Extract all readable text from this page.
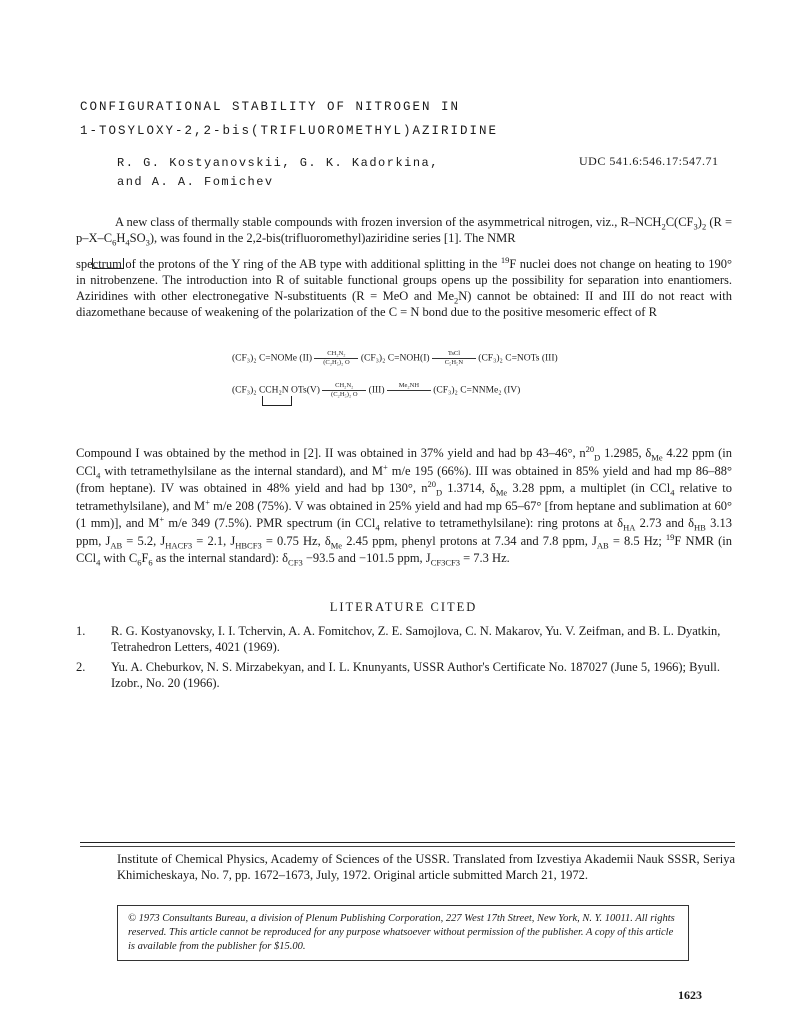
CONFIGURATIONAL STABILITY OF NITROGEN IN
1-TOSYLOXY-2,2-bis(TRIFLUOROMETHYL)AZIRIDINE
R. G. Kostyanovskii, G. K. Kadorkina,
and A. A. Fomichev
UDC 541.6:546.17:547.71

A new class of thermally stable compounds with frozen inversion of the asymmetrical nitrogen, viz., $R-NCH_2C(CF_3)_2$ $(R = p-X-C_6H_4SO_3)$, was found in the 2,2-bis(trifluoromethyl)aziridine series [1]. The NMR

spectrum of the protons of the Y ring of the AB type with additional splitting in the $^{19}$F nuclei does not change on heating to 190° in nitrobenzene. The introduction into R of suitable functional groups opens up the possibility for separation into enantiomers. Aziridines with other electronegative N-substituents (R = MeO and $Me_2N$) cannot be obtained: II and III do not react with diazomethane because of weakening of the polarization of the C = N bond due to the positive mesomeric effect of R

(CF₃)₂ C=NOMe $(II) \frac{\text{CH₂N₂}}{\text{(C₂H₅)₂ O}} (CF_3)_2$ C=NOH(I)
TsCl
C₅H₅N	(CF₃)₂ C=NOTs (III)
(CF₃)₂ CCH₂N $OTs(V) \frac{\text{CH₂N₂}}{\text{(C₂H₅)₂ O}} (III)$
Me₂NH

(CF₃)₂ C=NNMe₂ (IV)

Compound I was obtained by the method in [2]. II was obtained in 37% yield and had bp 43–46°, $n^{20}_D$ 1.2985, $\delta_{Me}$ 4.22 ppm (in CCl$_4$ with tetramethylsilane as the internal standard), and M+ m/e 195 (66%). III was obtained in 85% yield and had mp 86–88° (from heptane). IV was obtained in 48% yield and had bp 130°, $n^{20}_D$ 1.3714, $\delta_{Me}$ 3.28 ppm, a multiplet (in CCl$_4$ relative to tetramethylsilane), and M+ m/e 208 (75%). V was obtained in 25% yield and had mp 65–67° [from heptane and sublimation at 60° (1 mm)], and M+ m/e 349 (7.5%). PMR spectrum (in CCl$_4$ relative to tetramethylsilane): ring protons at $\delta_{HA}$ 2.73 and $\delta_{HB}$ 3.13 ppm, $J_{AB} = 5.2$, $J_{HACF3} = 2.1$, $J_{HBCF3} = 0.75$ Hz, $\delta_{Me}$ 2.45 ppm, phenyl protons at 7.34 and 7.8 ppm, $J_{AB} = 8.5$ Hz; $^{19}$F NMR (in CCl$_4$ with $C_6F_6$ as the internal standard): $\delta_{CF3} -93.5$ and −101.5 ppm, $J_{CF3CF3} = 7.3$ Hz.

LITERATURE CITED
1. R. G. Kostyanovsky, I. I. Tchervin, A. A. Fomitchov, Z. E. Samojlova, C. N. Makarov, Yu. V. Zeifman, and B. L. Dyatkin, Tetrahedron Letters, 4021 (1969).
2. Yu. A. Cheburkov, N. S. Mirzabekyan, and I. L. Knunyants, USSR Author's Certificate No. 187027 (June 5, 1966); Byull. Izobr., No. 20 (1966).
Institute of Chemical Physics, Academy of Sciences of the USSR. Translated from Izvestiya Akademii Nauk SSSR, Seriya Khimicheskaya, No. 7, pp. 1672–1673, July, 1972. Original article submitted March 21, 1972.
© 1973 Consultants Bureau, a division of Plenum Publishing Corporation, 227 West 17th Street, New York, N. Y. 10011. All rights reserved. This article cannot be reproduced for any purpose whatsoever without permission of the publisher. A copy of this article is available from the publisher for $15.00.
1623
